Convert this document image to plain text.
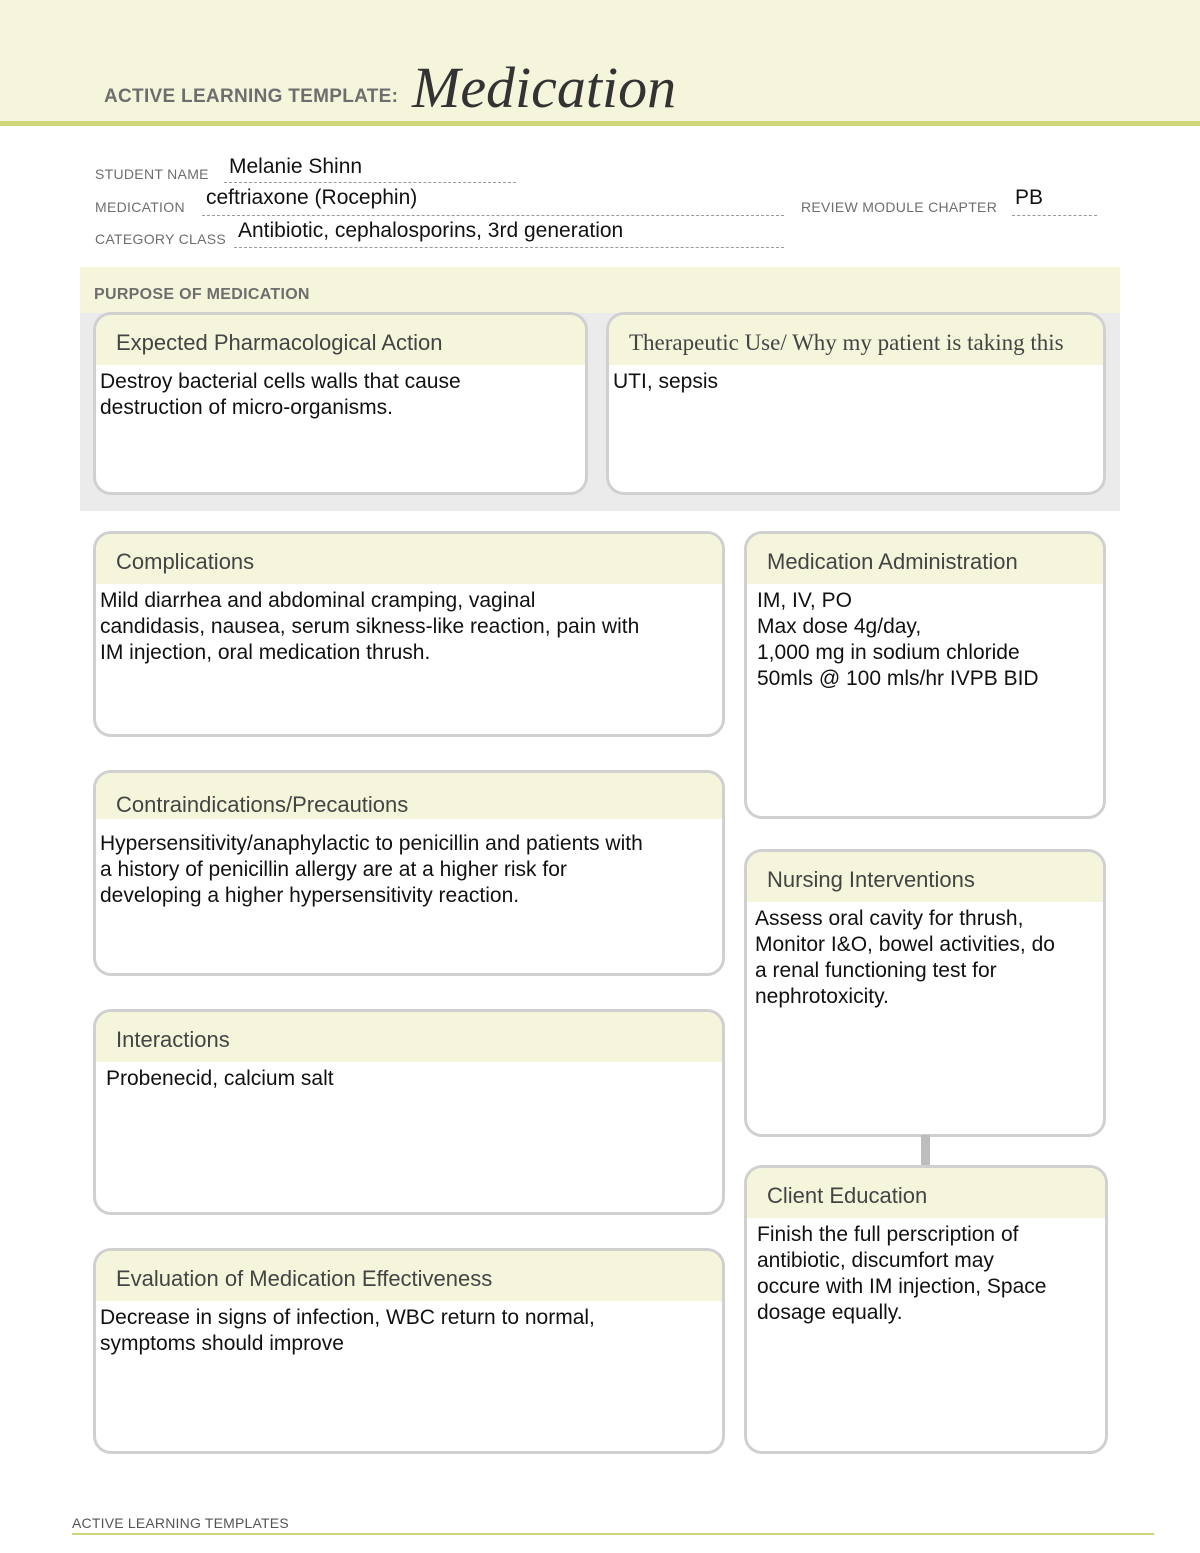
ACTIVE LEARNING TEMPLATE: Medication
STUDENT NAME Melanie Shinn
MEDICATION ceftriaxone (Rocephin)	REVIEW MODULE CHAPTER PB
CATEGORY CLASS Antibiotic, cephalosporins, 3rd generation
PURPOSE OF MEDICATION
Expected Pharmacological Action
Destroy bacterial cells walls that cause
destruction of micro-organisms.
Therapeutic Use/ Why my patient is taking this
UTI, sepsis
Complications
Mild diarrhea and abdominal cramping, vaginal
candidasis, nausea, serum sikness-like reaction, pain with
IM injection, oral medication thrush.
Contraindications/Precautions
Hypersensitivity/anaphylactic to penicillin and patients with
a history of penicillin allergy are at a higher risk for
developing a higher hypersensitivity reaction.
Interactions
Probenecid, calcium salt
Evaluation of Medication Effectiveness
Decrease in signs of infection, WBC return to normal,
symptoms should improve
Medication Administration
IM, IV, PO
Max dose 4g/day,
1,000 mg in sodium chloride
50mls @ 100 mls/hr IVPB BID
Nursing Interventions
Assess oral cavity for thrush,
Monitor I&O, bowel activities, do
a renal functioning test for
nephrotoxicity.
Client Education
Finish the full perscription of
antibiotic, discumfort may
occure with IM injection, Space
dosage equally.
ACTIVE LEARNING TEMPLATES
